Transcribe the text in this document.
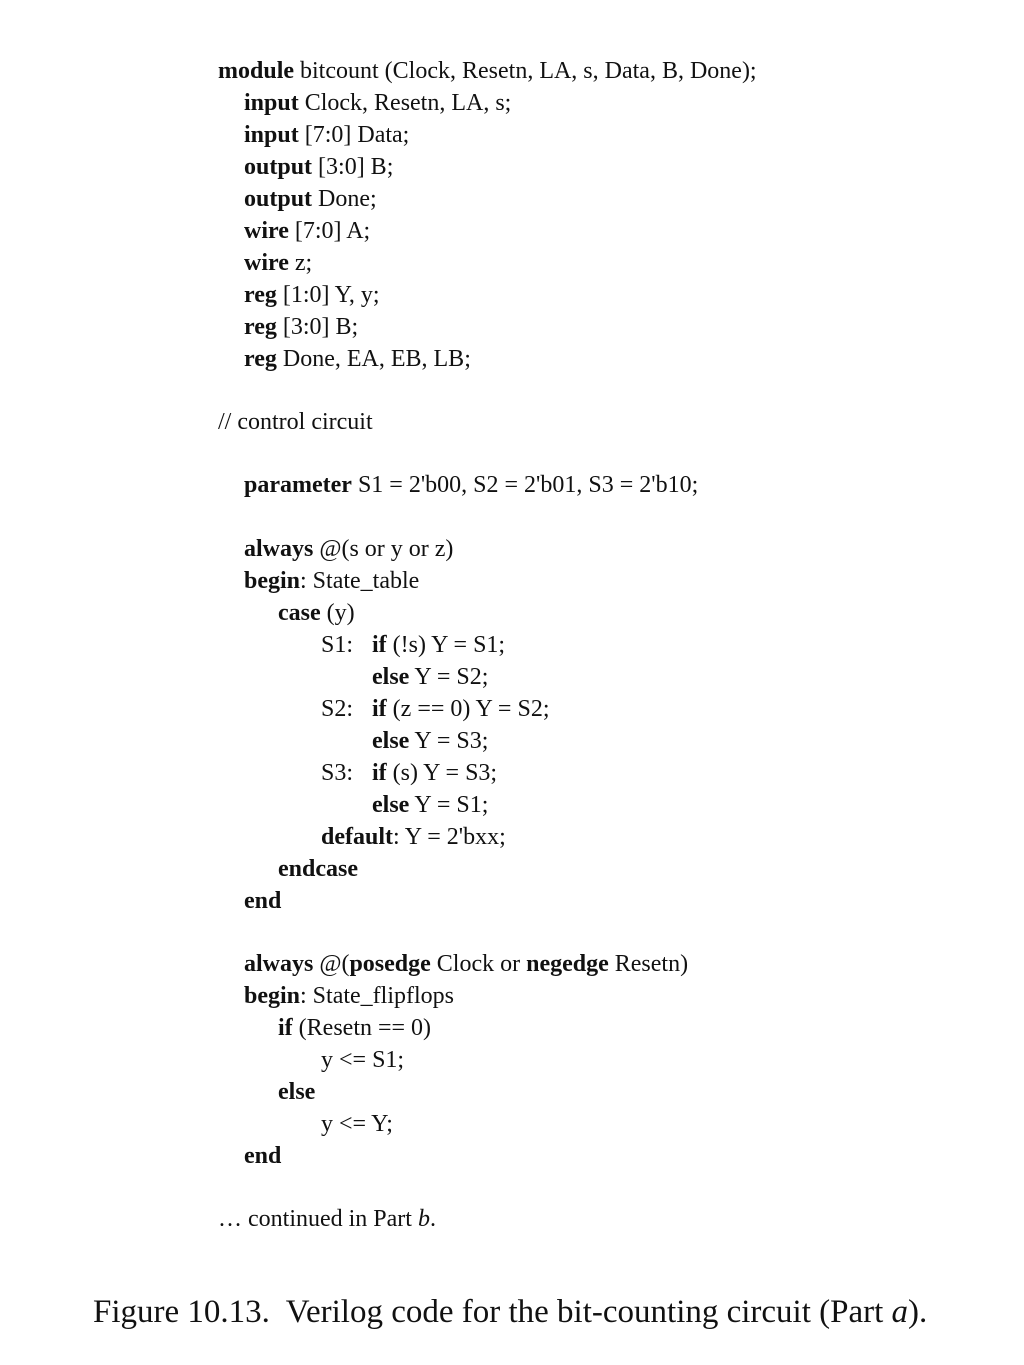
module bitcount (Clock, Resetn, LA, s, Data, B, Done);
input Clock, Resetn, LA, s;
input [7:0] Data;
output [3:0] B;
output Done;
wire [7:0] A;
wire z;
reg [1:0] Y, y;
reg [3:0] B;
reg Done, EA, EB, LB;
// control circuit
parameter S1 = 2'b00, S2 = 2'b01, S3 = 2'b10;
always @(s or y or z)
begin: State_table
case (y)
S1: if (!s) Y = S1;
else Y = S2;
S2: if (z == 0) Y = S2;
else Y = S3;
S3: if (s) Y = S3;
else Y = S1;
default: Y = 2'bxx;
endcase
end
always @(posedge Clock or negedge Resetn)
begin: State_flipflops
if (Resetn == 0)
y <= S1;
else
y <= Y;
end
… continued in Part b.
Figure 10.13.  Verilog code for the bit-counting circuit (Part a).
